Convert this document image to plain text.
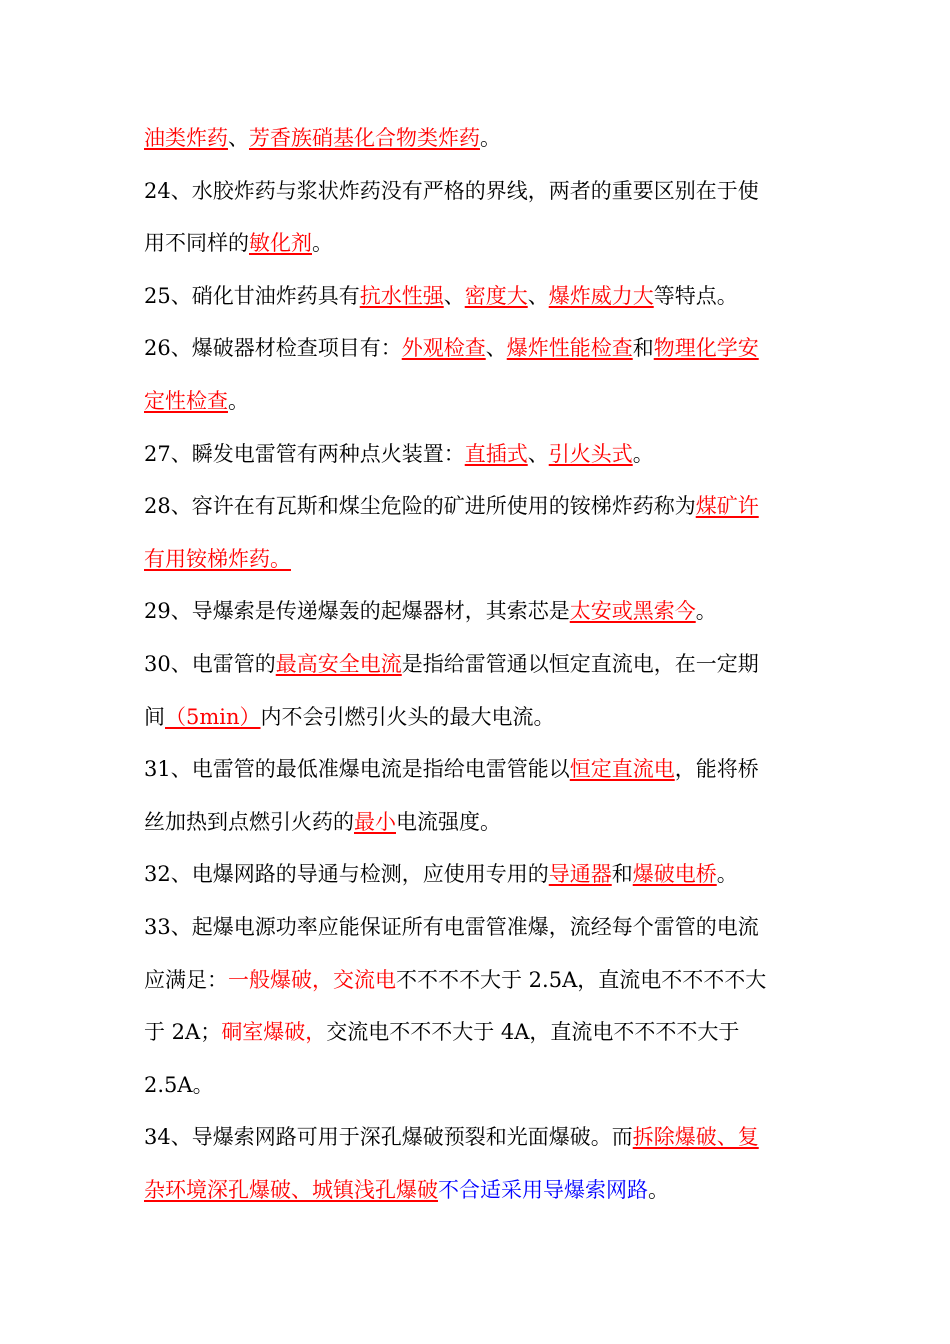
油类炸药 、 芳香族硝基化合物类炸药 。
24、水胶炸药与浆状炸药没有严格的界线，两者的重要区别在于使
用不同样的 敏化剂 。
25、硝化甘油炸药具有 抗水性强 、 密度大 、 爆炸威力大 等特点。
26、爆破器材检查项目有： 外观检查 、 爆炸性能检查 和 物理化学安
定性检查 。
27、瞬发电雷管有两种点火装置： 直插式 、 引火头式 。
28、容许在有瓦斯和煤尘危险的矿进所使用的铵梯炸药称为 煤矿许
有用铵梯炸药。
29、导爆索是传递爆轰的起爆器材，其索芯是 太安或黑索今 。
30、电雷管的 最高安全电流 是指给雷管通以恒定直流电，在一定期
间 （5min） 内不会引燃引火头的最大电流。
31、电雷管的最低准爆电流是指给电雷管能以 恒定直流电 ，能将桥
丝加热到点燃引火药的 最小 电流强度。
32、电爆网路的导通与检测，应使用专用的 导通器 和 爆破电桥 。
33、起爆电源功率应能保证所有电雷管准爆，流经每个雷管的电流
应满足： 一般爆破， 交流电 不不不不大于 2.5A，直流电不不不不大
于 2A； 硐室爆破， 交流电不不不大于 4A，直流电不不不不大于
2.5A。
34、导爆索网路可用于深孔爆破预裂和光面爆破。而 拆除爆破、复
杂环境深孔爆破、城镇浅孔爆破 不合适采用导爆索网路 。
